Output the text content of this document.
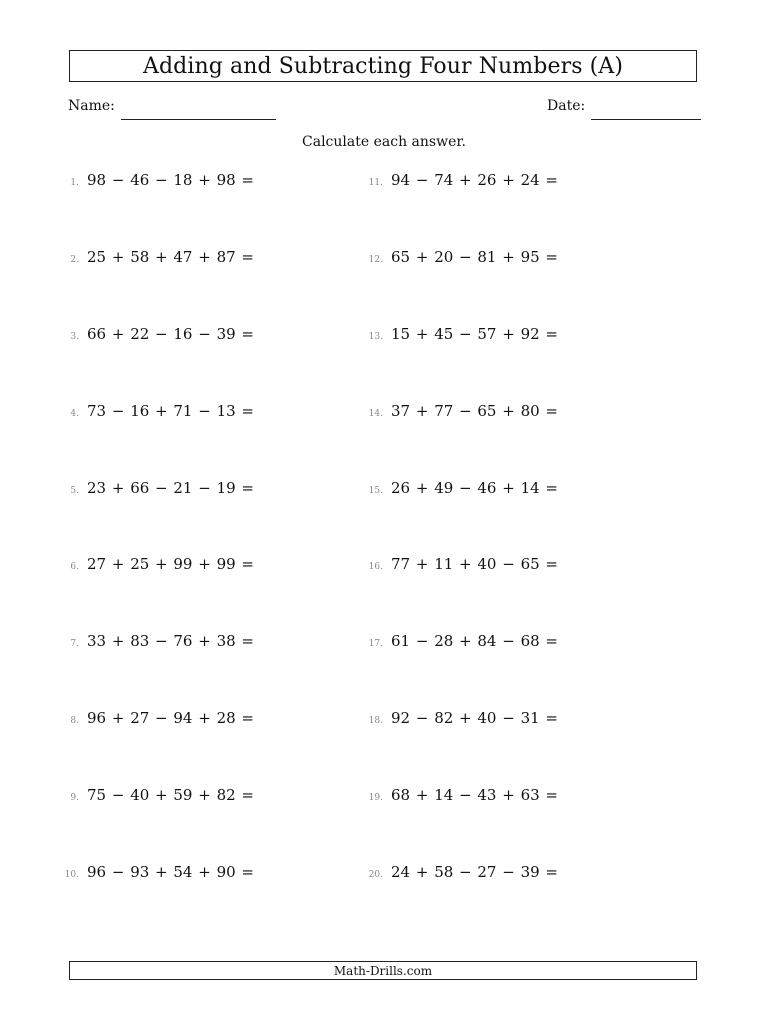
Adding and Subtracting Four Numbers (A)
Name:	Date:
Calculate each answer.
1. 98 − 46 − 18 + 98 =
2. 25 + 58 + 47 + 87 =
3. 66 + 22 − 16 − 39 =
4. 73 − 16 + 71 − 13 =
5. 23 + 66 − 21 − 19 =
6. 27 + 25 + 99 + 99 =
7. 33 + 83 − 76 + 38 =
8. 96 + 27 − 94 + 28 =
9. 75 − 40 + 59 + 82 =
10. 96 − 93 + 54 + 90 =
11. 94 − 74 + 26 + 24 =
12. 65 + 20 − 81 + 95 =
13. 15 + 45 − 57 + 92 =
14. 37 + 77 − 65 + 80 =
15. 26 + 49 − 46 + 14 =
16. 77 + 11 + 40 − 65 =
17. 61 − 28 + 84 − 68 =
18. 92 − 82 + 40 − 31 =
19. 68 + 14 − 43 + 63 =
20. 24 + 58 − 27 − 39 =
Math-Drills.com
